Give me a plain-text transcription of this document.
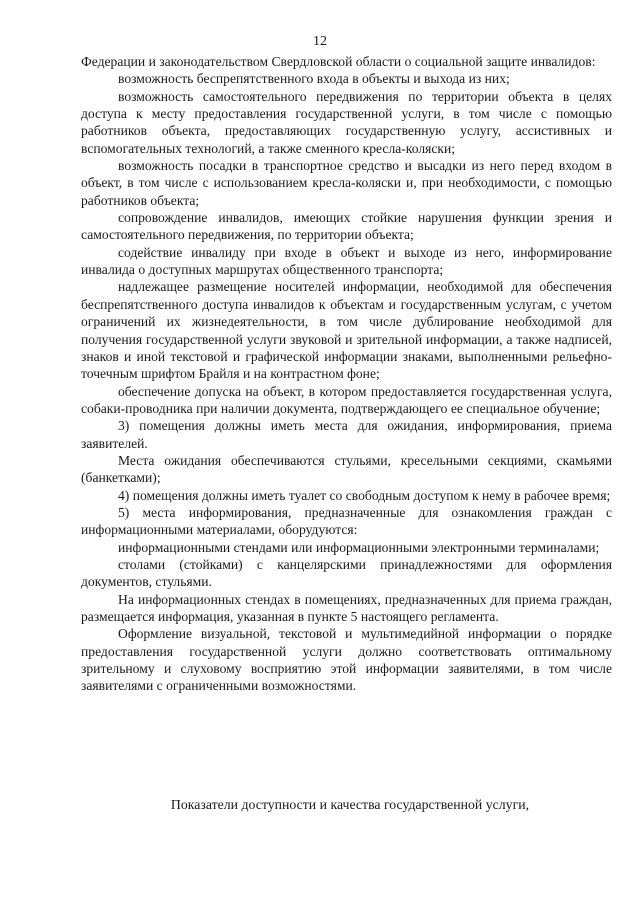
12

Федерации и законодательством Свердловской области о социальной защите инвалидов:

возможность беспрепятственного входа в объекты и выхода из них;

возможность самостоятельного передвижения по территории объекта в целях доступа к месту предоставления государственной услуги, в том числе с помощью работников объекта, предоставляющих государственную услугу, ассистивных и вспомогательных технологий, а также сменного кресла-коляски;

возможность посадки в транспортное средство и высадки из него перед входом в объект, в том числе с использованием кресла-коляски и, при необходимости, с помощью работников объекта;

сопровождение инвалидов, имеющих стойкие нарушения функции зрения и самостоятельного передвижения, по территории объекта;

содействие инвалиду при входе в объект и выходе из него, информирование инвалида о доступных маршрутах общественного транспорта;

надлежащее размещение носителей информации, необходимой для обеспечения беспрепятственного доступа инвалидов к объектам и государственным услугам, с учетом ограничений их жизнедеятельности, в том числе дублирование необходимой для получения государственной услуги звуковой и зрительной информации, а также надписей, знаков и иной текстовой и графической информации знаками, выполненными рельефно-точечным шрифтом Брайля и на контрастном фоне;

обеспечение допуска на объект, в котором предоставляется государственная услуга, собаки-проводника при наличии документа, подтверждающего ее специальное обучение;

3) помещения должны иметь места для ожидания, информирования, приема заявителей.

Места ожидания обеспечиваются стульями, кресельными секциями, скамьями (банкетками);

4) помещения должны иметь туалет со свободным доступом к нему в рабочее время;

5) места информирования, предназначенные для ознакомления граждан с информационными материалами, оборудуются:

информационными стендами или информационными электронными терминалами;

столами (стойками) с канцелярскими принадлежностями для оформления документов, стульями.

На информационных стендах в помещениях, предназначенных для приема граждан, размещается информация, указанная в пункте 5 настоящего регламента.

Оформление визуальной, текстовой и мультимедийной информации о порядке предоставления государственной услуги должно соответствовать оптимальному зрительному и слуховому восприятию этой информации заявителями, в том числе заявителями с ограниченными возможностями.

Показатели доступности и качества государственной услуги,
